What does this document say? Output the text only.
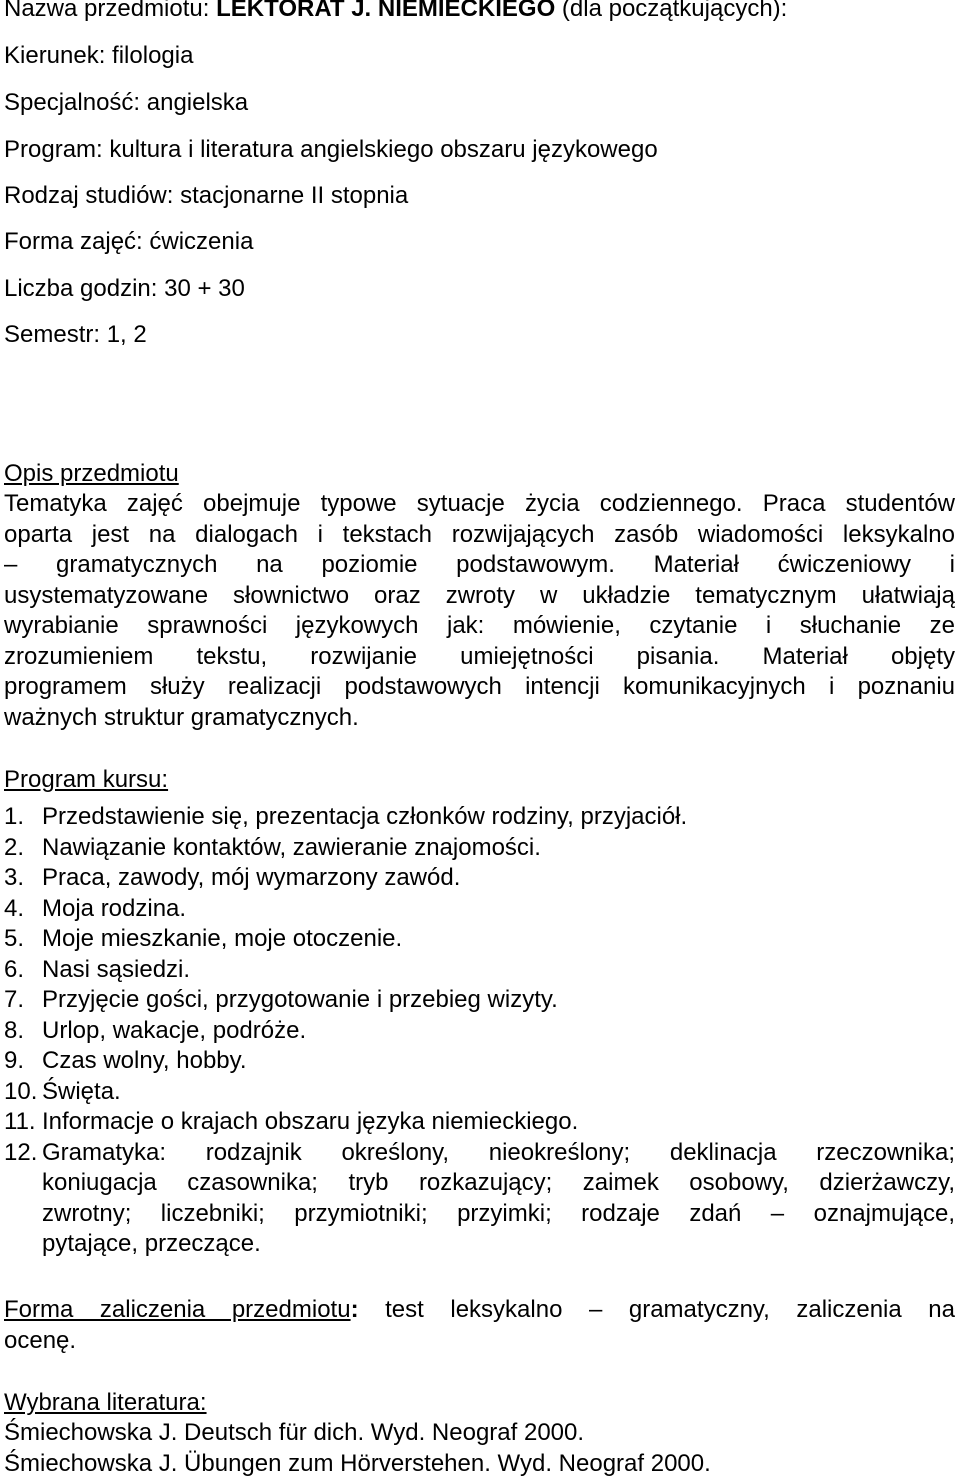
Nazwa przedmiotu: LEKTORAT J. NIEMIECKIEGO (dla początkujących):

Kierunek: filologia

Specjalność: angielska

Program: kultura i literatura angielskiego obszaru językowego

Rodzaj studiów: stacjonarne II stopnia

Forma zajęć: ćwiczenia

Liczba godzin: 30 + 30

Semestr: 1, 2

Opis przedmiotu

Tematyka zajęć obejmuje typowe sytuacje życia codziennego. Praca studentów
oparta jest na dialogach i tekstach rozwijających zasób wiadomości leksykalno
– gramatycznych na poziomie podstawowym. Materiał ćwiczeniowy i
usystematyzowane słownictwo oraz zwroty w układzie tematycznym ułatwiają
wyrabianie sprawności językowych jak: mówienie, czytanie i słuchanie ze
zrozumieniem tekstu, rozwijanie umiejętności pisania. Materiał objęty
programem służy realizacji podstawowych intencji komunikacyjnych i poznaniu
ważnych struktur gramatycznych.

Program kursu:

1. Przedstawienie się, prezentacja członków rodziny, przyjaciół.
2. Nawiązanie kontaktów, zawieranie znajomości.
3. Praca, zawody, mój wymarzony zawód.
4. Moja rodzina.
5. Moje mieszkanie, moje otoczenie.
6. Nasi sąsiedzi.
7. Przyjęcie gości, przygotowanie i przebieg wizyty.
8. Urlop, wakacje, podróże.
9. Czas wolny, hobby.
10. Święta.
11. Informacje o krajach obszaru języka niemieckiego.
12. Gramatyka: rodzajnik określony, nieokreślony; deklinacja rzeczownika;
koniugacja czasownika; tryb rozkazujący; zaimek osobowy, dzierżawczy,
zwrotny; liczebniki; przymiotniki; przyimki; rodzaje zdań – oznajmujące,
pytające, przeczące.
Forma zaliczenia przedmiotu: test leksykalno – gramatyczny, zaliczenia na
ocenę.

Wybrana literatura:

Śmiechowska J. Deutsch für dich. Wyd. Neograf 2000.

Śmiechowska J. Übungen zum Hörverstehen. Wyd. Neograf 2000.
